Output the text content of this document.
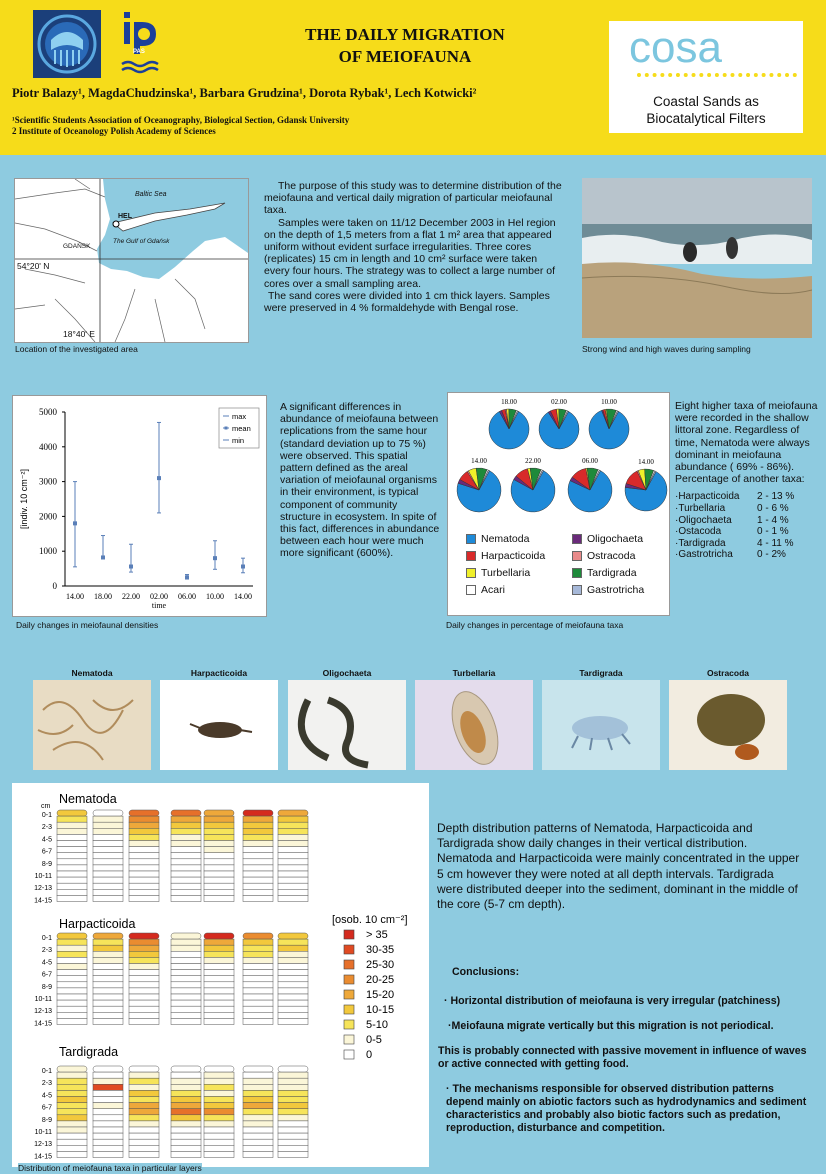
PAS
THE DAILY MIGRATION
OF MEIOFAUNA
Piotr Balazy¹, MagdaChudzinska¹, Barbara Grudzina¹, Dorota Rybak¹, Lech Kotwicki²
¹Scientific Students Association of Oceanography, Biological Section, Gdansk University
2 Institute of Oceanology Polish Academy of Sciences
cosa
Coastal Sands as
Biocatalytical Filters
Baltic Sea
HEL
The Gulf of Gdańsk
GDAŃSK
54°20' N
18°40' E
Location of the investigated area
The purpose of this study was to determine distribution of the meiofauna and vertical daily migration of particular meiofaunal taxa.
Samples were taken on 11/12 December 2003 in Hel region on the depth of 1,5 meters from a flat 1 m² area that appeared uniform without evident surface irregularities. Three cores (replicates) 15 cm in length and 10 cm² surface were taken every four hours. The strategy was to collect a large number of cores over a small sampling area.
The sand cores were divided into 1 cm thick layers. Samples were preserved in 4 % formaldehyde with Bengal rose.
Strong wind and high waves during sampling
0
1000
2000
3000
4000
5000
[indiv. 10 cm⁻²]
14.00 18.00 22.00 02.00 06.00 10.00 14.00
time
max
mean
min
Daily changes in meiofaunal densities
A significant differences in abundance of meiofauna between replications from the same hour (standard deviation up to 75 %) were observed. This spatial pattern defined as the areal variation of meiofaunal organisms in their environment, is typical component of community structure in ecosystem. In spite of this fact, differences in abundance between each hour were much more significant (600%).
18.00	02.00	10.00
14.00	22.00	06.00	14.00
Nematoda	Oligochaeta
Harpacticoida	Ostracoda
Turbellaria	Tardigrada
Acari	Gastrotricha
Daily changes in percentage of meiofauna taxa
Eight higher taxa of meiofauna were recorded in the shallow littoral zone. Regardless of time, Nematoda were always dominant in meiofauna abundance ( 69% - 86%). Percentage of another taxa:
·Harpacticoida	2 - 13 %
·Turbellaria	0 - 6 %
·Oligochaeta	1 - 4 %
·Ostacoda	0 - 1 %
·Tardigrada	4 - 11 %
·Gastrotricha	0 - 2%
Nematoda	Harpacticoida	Oligochaeta	Turbellaria	Tardigrada	Ostracoda
Nematoda
cm
0-1
2-3
4-5
6-7
8-9
10-11
12-13
14-15
Harpacticoida
0-1
2-3
4-5
6-7
8-9
10-11
12-13
14-15
Tardigrada
0-1
2-3
4-5
6-7
8-9
10-11
12-13
14-15
[osob. 10 cm⁻²]
> 35
30-35
25-30
20-25
15-20
10-15
5-10
0-5
0
Distribution of meiofauna taxa in particular layers
Depth distribution patterns of Nematoda, Harpacticoida and Tardigrada show daily changes in their vertical distribution. Nematoda and Harpacticoida were mainly concentrated in the upper 5 cm however they were noted at all depth intervals. Tardigrada were distributed deeper into the sediment, dominant in the middle of the core (5-7 cm depth).
Conclusions:
· Horizontal distribution of meiofauna is very irregular (patchiness)
·Meiofauna migrate vertically but this migration is not periodical.
This is probably connected with passive movement in influence of waves or active connected with getting food.
· The mechanisms responsible for observed distribution patterns depend mainly on abiotic factors such as hydrodynamics and sediment characteristics and probably also biotic factors such as predation, reproduction, disturbance and competition.
